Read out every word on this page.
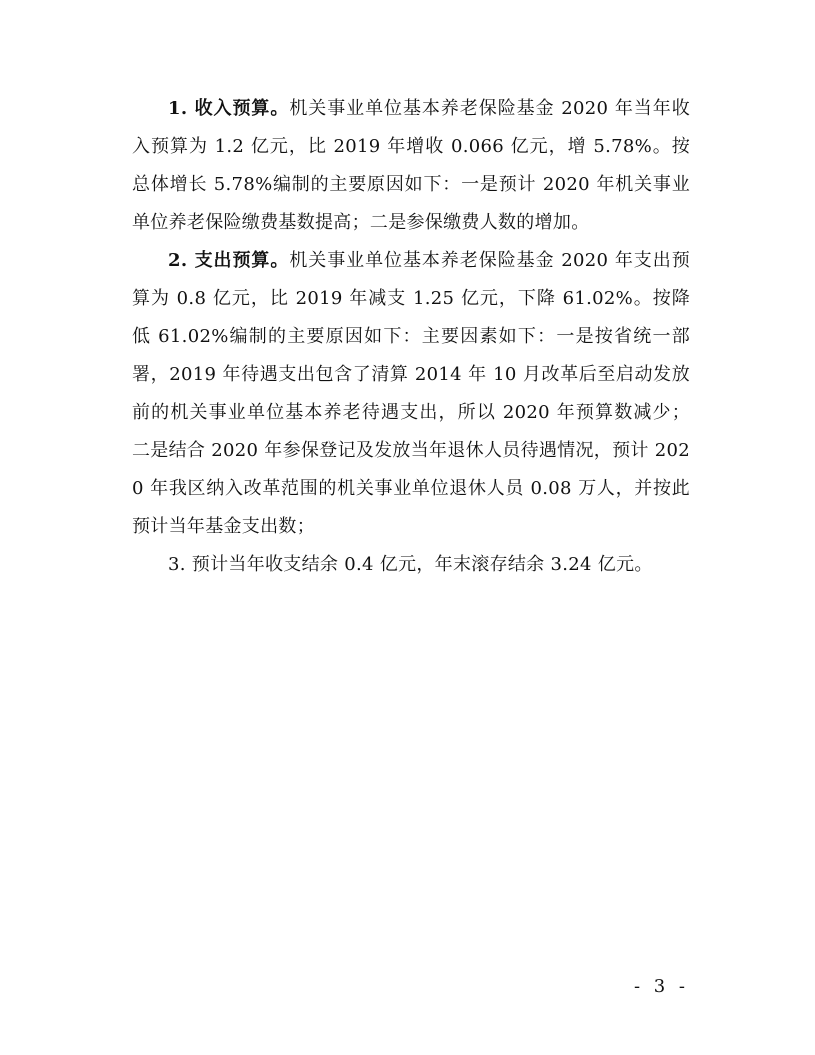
1. 收入预算。机关事业单位基本养老保险基金 2020 年当年收入预算为 1.2 亿元，比 2019 年增收 0.066 亿元，增 5.78%。按总体增长 5.78%编制的主要原因如下：一是预计 2020 年机关事业单位养老保险缴费基数提高；二是参保缴费人数的增加。

2. 支出预算。机关事业单位基本养老保险基金 2020 年支出预算为 0.8 亿元，比 2019 年减支 1.25 亿元，下降 61.02%。按降低 61.02%编制的主要原因如下：主要因素如下：一是按省统一部署，2019 年待遇支出包含了清算 2014 年 10 月改革后至启动发放前的机关事业单位基本养老待遇支出，所以 2020 年预算数减少； 二是结合 2020 年参保登记及发放当年退休人员待遇情况，预计 2020 年我区纳入改革范围的机关事业单位退休人员 0.08 万人，并按此预计当年基金支出数；

3. 预计当年收支结余 0.4 亿元，年末滚存结余 3.24 亿元。

- 3 -
